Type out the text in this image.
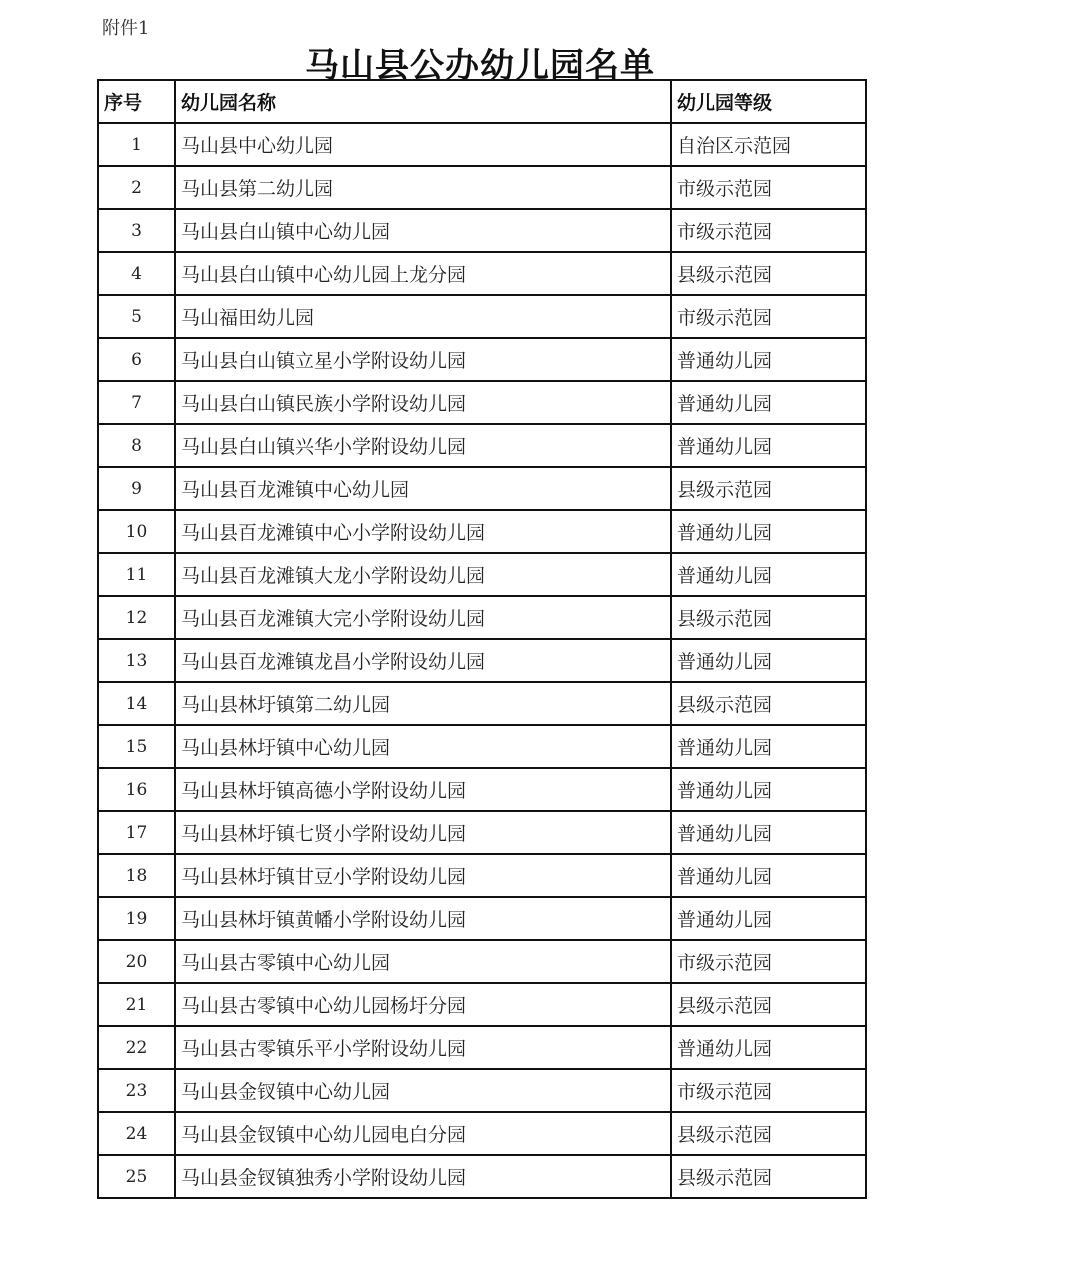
附件1
马山县公办幼儿园名单
序号	幼儿园名称	幼儿园等级
1	马山县中心幼儿园	自治区示范园
2	马山县第二幼儿园	市级示范园
3	马山县白山镇中心幼儿园	市级示范园
4	马山县白山镇中心幼儿园上龙分园	县级示范园
5	马山福田幼儿园	市级示范园
6	马山县白山镇立星小学附设幼儿园	普通幼儿园
7	马山县白山镇民族小学附设幼儿园	普通幼儿园
8	马山县白山镇兴华小学附设幼儿园	普通幼儿园
9	马山县百龙滩镇中心幼儿园	县级示范园
10	马山县百龙滩镇中心小学附设幼儿园	普通幼儿园
11	马山县百龙滩镇大龙小学附设幼儿园	普通幼儿园
12	马山县百龙滩镇大完小学附设幼儿园	县级示范园
13	马山县百龙滩镇龙昌小学附设幼儿园	普通幼儿园
14	马山县林圩镇第二幼儿园	县级示范园
15	马山县林圩镇中心幼儿园	普通幼儿园
16	马山县林圩镇高德小学附设幼儿园	普通幼儿园
17	马山县林圩镇七贤小学附设幼儿园	普通幼儿园
18	马山县林圩镇甘豆小学附设幼儿园	普通幼儿园
19	马山县林圩镇黄幡小学附设幼儿园	普通幼儿园
20	马山县古零镇中心幼儿园	市级示范园
21	马山县古零镇中心幼儿园杨圩分园	县级示范园
22	马山县古零镇乐平小学附设幼儿园	普通幼儿园
23	马山县金钗镇中心幼儿园	市级示范园
24	马山县金钗镇中心幼儿园电白分园	县级示范园
25	马山县金钗镇独秀小学附设幼儿园	县级示范园
